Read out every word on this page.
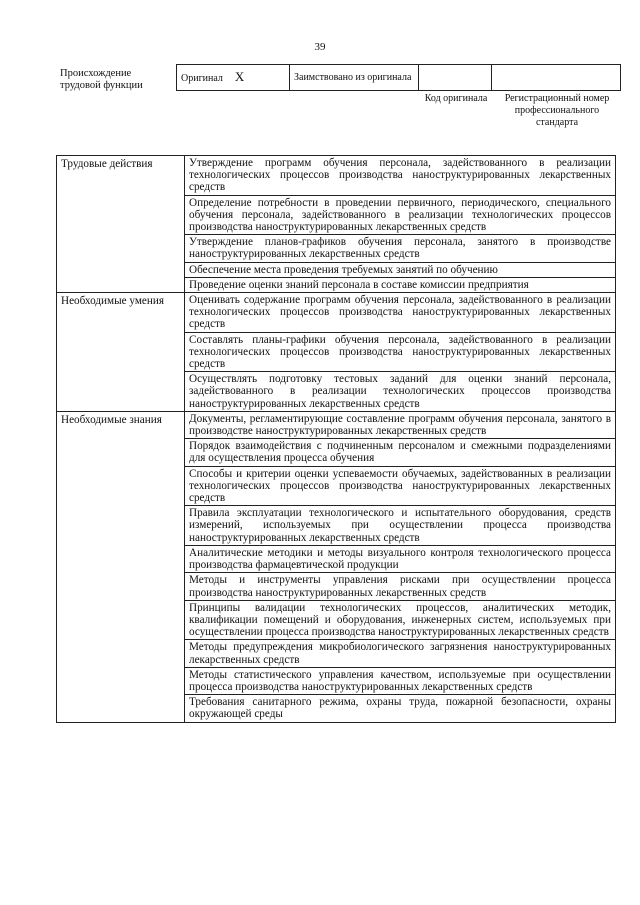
39
Происхождение трудовой функции
Оригинал X	Заимствовано из оригинала		
Код оригинала	Регистрационный номер профессионального стандарта
Трудовые действия	Утверждение программ обучения персонала, задействованного в реализации технологических процессов производства наноструктурированных лекарственных средств
	Определение потребности в проведении первичного, периодического, специального обучения персонала, задействованного в реализации технологических процессов производства наноструктурированных лекарственных средств
	Утверждение планов-графиков обучения персонала, занятого в производстве наноструктурированных лекарственных средств
	Обеспечение места проведения требуемых занятий по обучению
	Проведение оценки знаний персонала в составе комиссии предприятия
Необходимые умения	Оценивать содержание программ обучения персонала, задействованного в реализации технологических процессов производства наноструктурированных лекарственных средств
	Составлять планы-графики обучения персонала, задействованного в реализации технологических процессов производства наноструктурированных лекарственных средств
	Осуществлять подготовку тестовых заданий для оценки знаний персонала, задействованного в реализации технологических процессов производства наноструктурированных лекарственных средств
Необходимые знания	Документы, регламентирующие составление программ обучения персонала, занятого в производстве наноструктурированных лекарственных средств
	Порядок взаимодействия с подчиненным персоналом и смежными подразделениями для осуществления процесса обучения
	Способы и критерии оценки успеваемости обучаемых, задействованных в реализации технологических процессов производства наноструктурированных лекарственных средств
	Правила эксплуатации технологического и испытательного оборудования, средств измерений, используемых при осуществлении процесса производства наноструктурированных лекарственных средств
	Аналитические методики и методы визуального контроля технологического процесса производства фармацевтической продукции
	Методы и инструменты управления рисками при осуществлении процесса производства наноструктурированных лекарственных средств
	Принципы валидации технологических процессов, аналитических методик, квалификации помещений и оборудования, инженерных систем, используемых при осуществлении процесса производства наноструктурированных лекарственных средств
	Методы предупреждения микробиологического загрязнения наноструктурированных лекарственных средств
	Методы статистического управления качеством, используемые при осуществлении процесса производства наноструктурированных лекарственных средств
	Требования санитарного режима, охраны труда, пожарной безопасности, охраны окружающей среды
